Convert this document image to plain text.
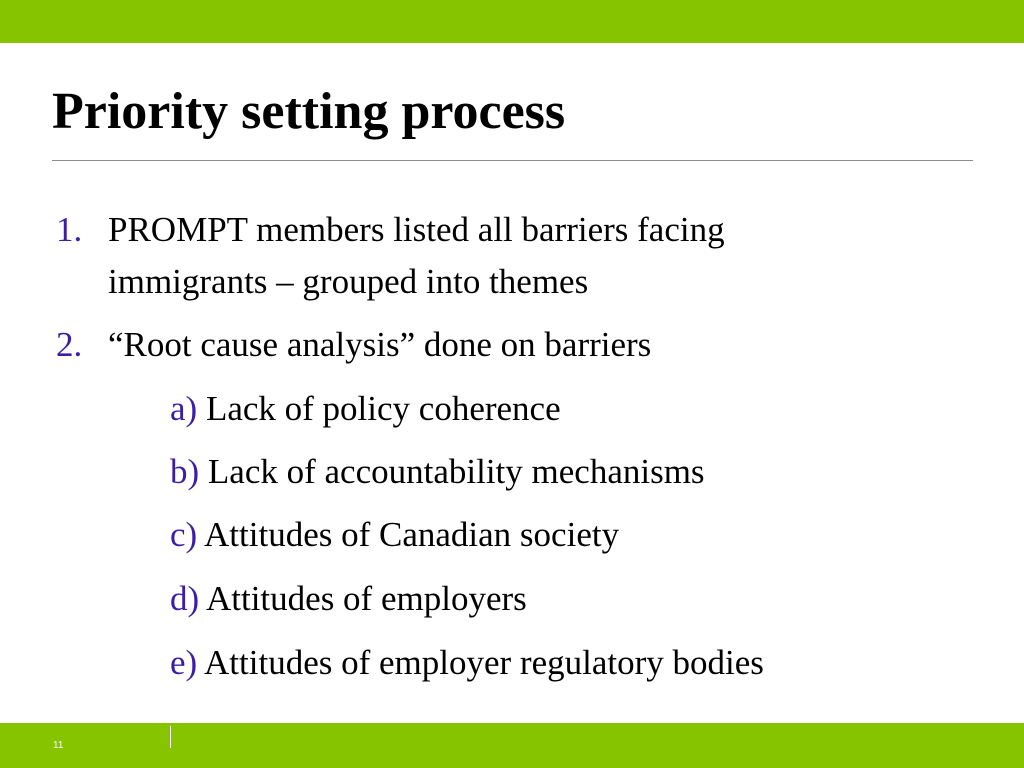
Priority setting process
1. PROMPT members listed all barriers facing
immigrants – grouped into themes
2. “Root cause analysis” done on barriers
a) Lack of policy coherence
b) Lack of accountability mechanisms
c) Attitudes of Canadian society
d) Attitudes of employers
e) Attitudes of employer regulatory bodies
11
